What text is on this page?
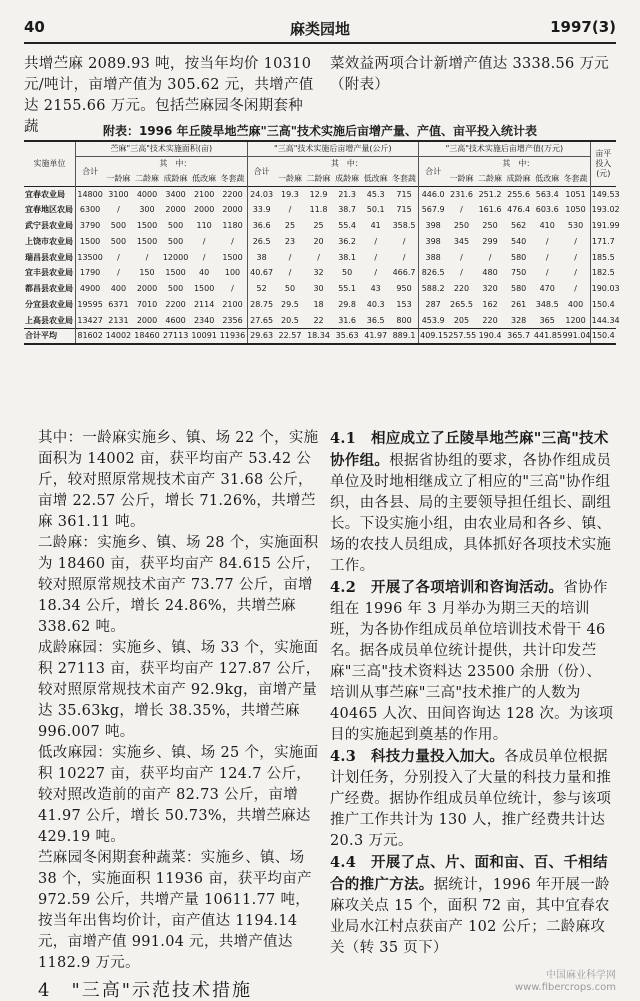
40	麻类园地	1997(3)

共增苎麻 2089.93 吨，按当年均价 10310 元/吨计，亩增产值为 305.62 元，共增产值达 2155.66 万元。包括苎麻园冬闲期套种蔬

菜效益两项合计新增产值达 3338.56 万元（附表）

附表：1996 年丘陵旱地苎麻"三高"技术实施后亩增产量、产值、亩平投入统计表
实施单位	苎麻"三高"技术实施面积(亩)						"三高"技术实施后亩增产量(公斤)						"三高"技术实施后亩增产值(万元)						亩平投入(元)
	合计	其　中：					合计	其　中：					合计	其　中：					
		一龄麻	二龄麻	成龄麻	低改麻	冬套蔬		一龄麻	二龄麻	成龄麻	低改麻	冬套蔬		一龄麻	二龄麻	成龄麻	低改麻	冬套蔬	
宜春农业局	14800	3100	4000	3400	2100	2200	24.03	19.3	12.9	21.3	45.3	715	446.0	231.6	251.2	255.6	563.4	1051	149.53
宜春地区农局	6300	/	300	2000	2000	2000	33.9	/	11.8	38.7	50.1	715	567.9	/	161.6	476.4	603.6	1050	193.02
武宁县农业局	3790	500	1500	500	110	1180	36.6	25	25	55.4	41	358.5	398	250	250	562	410	530	191.99
上饶市农业局	1500	500	1500	500	/	/	26.5	23	20	36.2	/	/	398	345	299	540	/	/	171.7
瑞昌县农业局	13500	/	/	12000	/	1500	38	/	/	38.1	/	/	388	/	/	580	/	/	185.5
宜丰县农业局	1790	/	150	1500	40	100	40.67	/	32	50	/	466.7	826.5	/	480	750	/	/	182.5
都昌县农业局	4900	400	2000	500	1500	/	52	50	30	55.1	43	950	588.2	220	320	580	470	/	190.03
分宜县农业局	19595	6371	7010	2200	2114	2100	28.75	29.5	18	29.8	40.3	153	287	265.5	162	261	348.5	400	150.4
上高县农业局	13427	2131	2000	4600	2340	2356	27.65	20.5	22	31.6	36.5	800	453.9	205	220	328	365	1200	144.34
合计平均	81602	14002	18460	27113	10091	11936	29.63	22.57	18.34	35.63	41.97	889.1	409.15	257.55	190.4	365.7	441.85	991.04	150.4

其中：一龄麻实施乡、镇、场 22 个，实施面积为 14002 亩，获平均亩产 53.42 公斤，较对照原常规技术亩产 31.68 公斤，亩增 22.57 公斤，增长 71.26%，共增苎麻 361.11 吨。

二龄麻：实施乡、镇、场 28 个，实施面积为 18460 亩，获平均亩产 84.615 公斤，较对照原常规技术亩产 73.77 公斤，亩增 18.34 公斤，增长 24.86%，共增苎麻 338.62 吨。

成龄麻园：实施乡、镇、场 33 个，实施面积 27113 亩，获平均亩产 127.87 公斤，较对照原常规技术亩产 92.9kg，亩增产量达 35.63kg，增长 38.35%，共增苎麻 996.007 吨。

低改麻园：实施乡、镇、场 25 个，实施面积 10227 亩，获平均亩产 124.7 公斤，较对照改造前的亩产 82.73 公斤，亩增 41.97 公斤，增长 50.73%，共增苎麻达 429.19 吨。

苎麻园冬闲期套种蔬菜：实施乡、镇、场 38 个，实施面积 11936 亩，获平均亩产 972.59 公斤，共增产量 10611.77 吨，按当年出售均价计，亩产值达 1194.14 元，亩增产值 991.04 元，共增产值达 1182.9 万元。

4　"三高"示范技术措施

4.1　 相应成立了丘陵旱地苎麻"三高"技术协作组。根据省协组的要求，各协作组成员单位及时地相继成立了相应的"三高"协作组织，由各县、局的主要领导担任组长、副组长。下设实施小组，由农业局和各乡、镇、场的农技人员组成，具体抓好各项技术实施工作。

4.2　 开展了各项培训和咨询活动。省协作组在 1996 年 3 月举办为期三天的培训班，为各协作组成员单位培训技术骨干 46 名。据各成员单位统计提供，共计印发苎麻"三高"技术资料达 23500 余册（份）、培训从事苎麻"三高"技术推广的人数为 40465 人次、田间咨询达 128 次。为该项目的实施起到奠基的作用。

4.3　 科技力量投入加大。各成员单位根据计划任务，分别投入了大量的科技力量和推广经费。据协作组成员单位统计，参与该项推广工作共计为 130 人，推广经费共计达 20.3 万元。

4.4　 开展了点、片、面和亩、百、千相结合的推广方法。据统计，1996 年开展一龄麻攻关点 15 个，面积 72 亩，其中宜春农业局水江村点获亩产 102 公斤；二龄麻攻关（转 35 页下）

中国麻业科学网
www.fibercrops.com
